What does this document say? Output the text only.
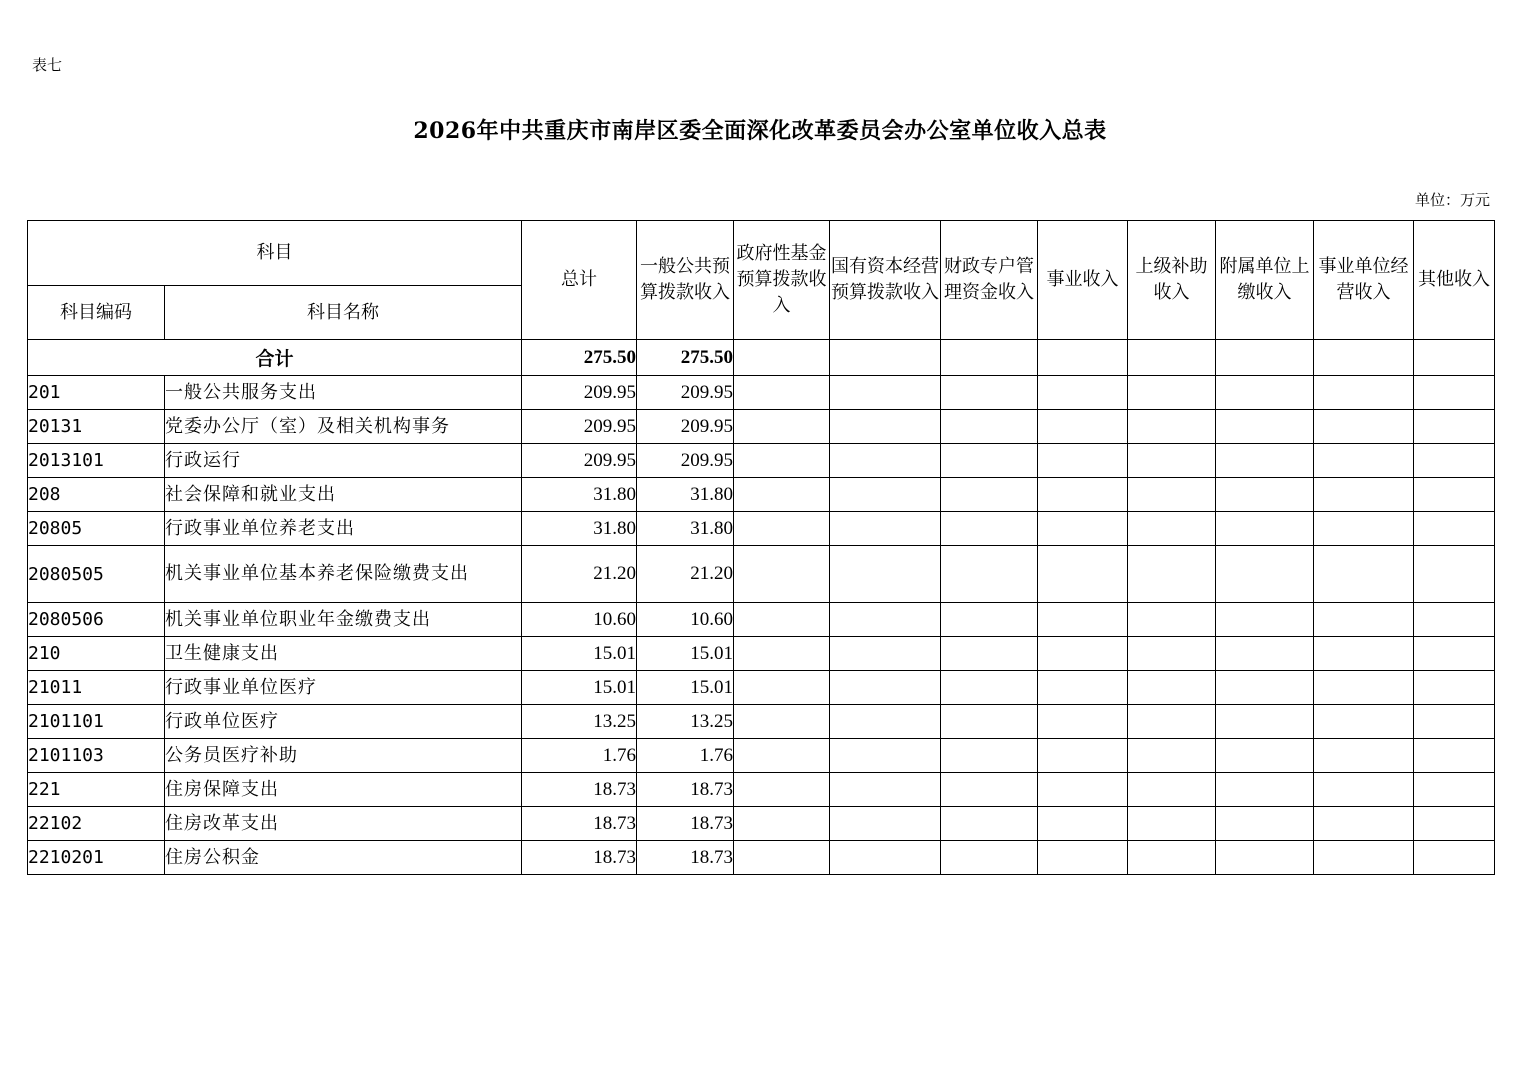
表七
2026年中共重庆市南岸区委全面深化改革委员会办公室单位收入总表
单位：万元
科目		总计	一般公共预算拨款收入	政府性基金预算拨款收入	国有资本经营预算拨款收入	财政专户管理资金收入	事业收入	上级补助收入	附属单位上缴收入	事业单位经营收入	其他收入
科目编码	科目名称										
合计		275.50	275.50								
201	一般公共服务支出	209.95	209.95								
20131	党委办公厅（室）及相关机构事务	209.95	209.95								
2013101	行政运行	209.95	209.95								
208	社会保障和就业支出	31.80	31.80								
20805	行政事业单位养老支出	31.80	31.80								
2080505	机关事业单位基本养老保险缴费支出	21.20	21.20								
2080506	机关事业单位职业年金缴费支出	10.60	10.60								
210	卫生健康支出	15.01	15.01								
21011	行政事业单位医疗	15.01	15.01								
2101101	行政单位医疗	13.25	13.25								
2101103	公务员医疗补助	1.76	1.76								
221	住房保障支出	18.73	18.73								
22102	住房改革支出	18.73	18.73								
2210201	住房公积金	18.73	18.73								
